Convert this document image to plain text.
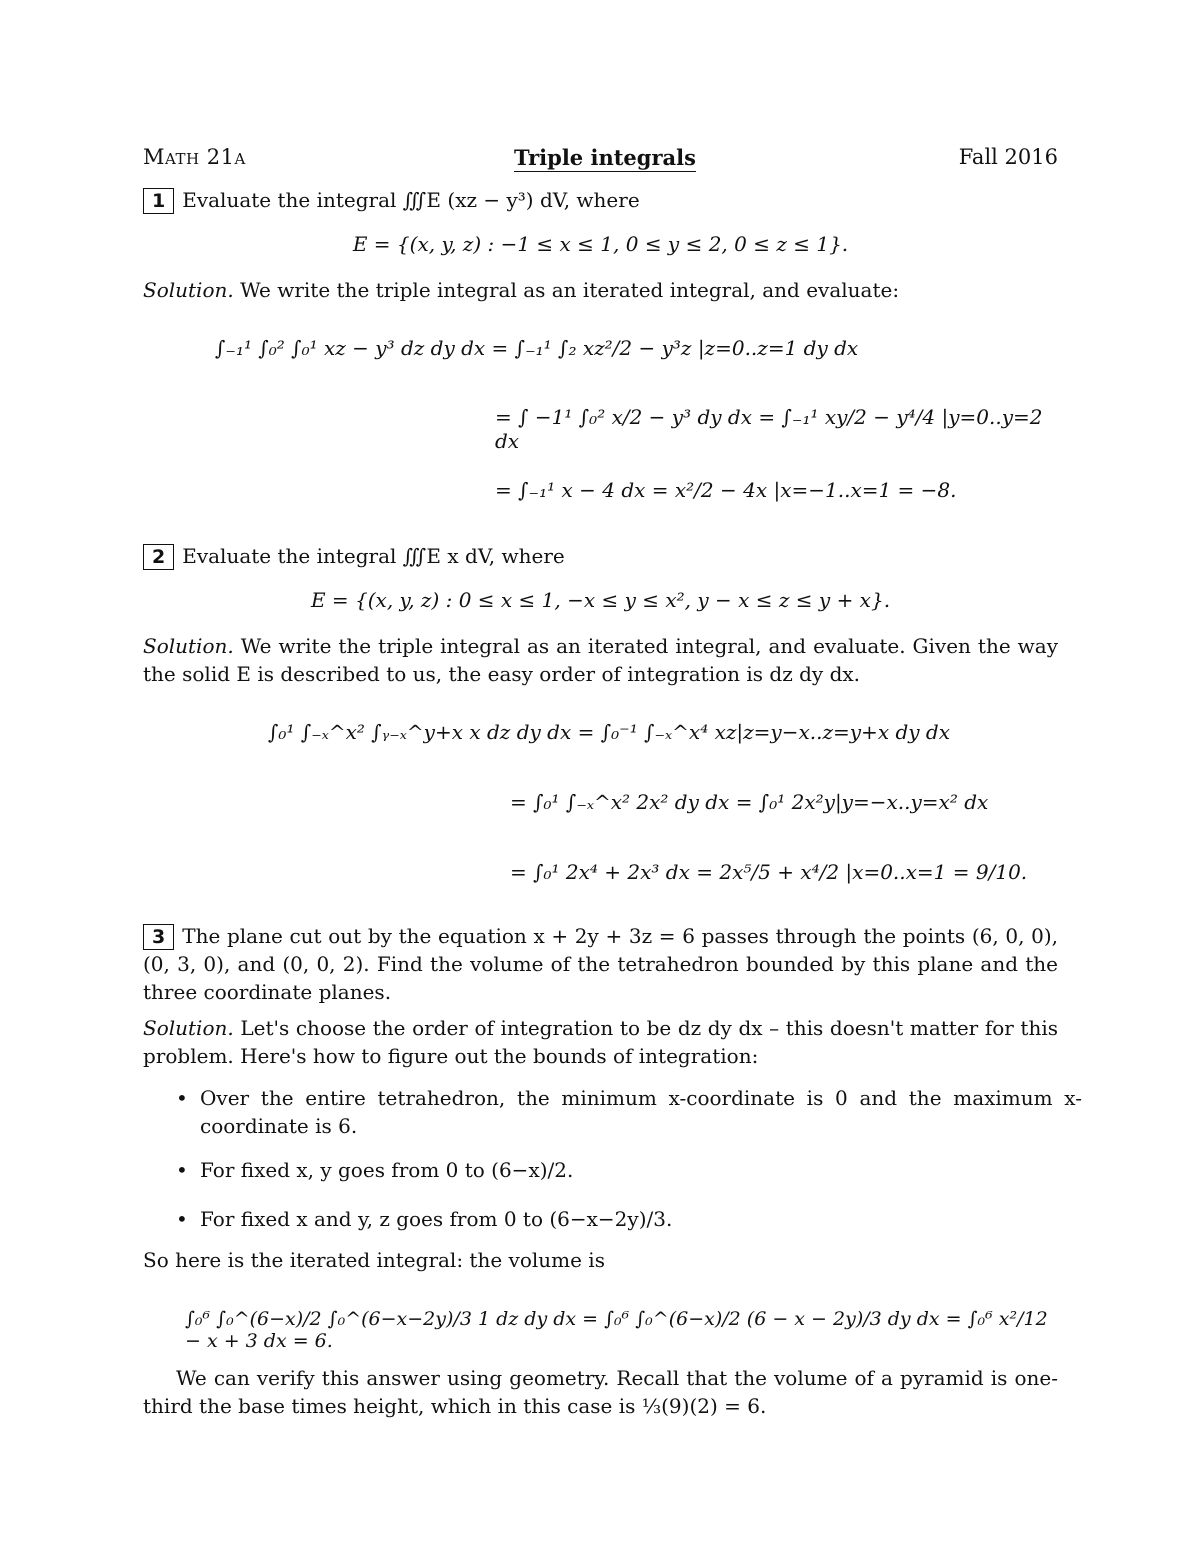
Math 21a	Triple integrals	Fall 2016
1 Evaluate the integral ∭E (xz − y³) dV, where
E = {(x, y, z) : −1 ≤ x ≤ 1, 0 ≤ y ≤ 2, 0 ≤ z ≤ 1}.
Solution. We write the triple integral as an iterated integral, and evaluate:
∫₋₁¹ ∫₀² ∫₀¹ xz − y³ dz dy dx = ∫₋₁¹ ∫₂ xz²/2 − y³z |z=0..z=1 dy dx
= ∫ −1¹ ∫₀² x/2 − y³ dy dx = ∫₋₁¹ xy/2 − y⁴/4 |y=0..y=2 dx
= ∫₋₁¹ x − 4 dx = x²/2 − 4x |x=−1..x=1 = −8.
2 Evaluate the integral ∭E x dV, where
E = {(x, y, z) : 0 ≤ x ≤ 1, −x ≤ y ≤ x², y − x ≤ z ≤ y + x}.
Solution. We write the triple integral as an iterated integral, and evaluate. Given the way the solid E is described to us, the easy order of integration is dz dy dx.
∫₀¹ ∫₋ₓ^x² ∫ᵧ₋ₓ^y+x x dz dy dx = ∫₀⁻¹ ∫₋ₓ^x⁴ xz|z=y−x..z=y+x dy dx
= ∫₀¹ ∫₋ₓ^x² 2x² dy dx = ∫₀¹ 2x²y|y=−x..y=x² dx
= ∫₀¹ 2x⁴ + 2x³ dx = 2x⁵/5 + x⁴/2 |x=0..x=1 = 9/10.
3 The plane cut out by the equation x + 2y + 3z = 6 passes through the points (6, 0, 0), (0, 3, 0), and (0, 0, 2). Find the volume of the tetrahedron bounded by this plane and the three coordinate planes.
Solution. Let's choose the order of integration to be dz dy dx – this doesn't matter for this problem. Here's how to figure out the bounds of integration:
• Over the entire tetrahedron, the minimum x-coordinate is 0 and the maximum x-coordinate is 6.
• For fixed x, y goes from 0 to (6−x)/2.
• For fixed x and y, z goes from 0 to (6−x−2y)/3.
So here is the iterated integral: the volume is
∫₀⁶ ∫₀^(6−x)/2 ∫₀^(6−x−2y)/3 1 dz dy dx = ∫₀⁶ ∫₀^(6−x)/2 (6 − x − 2y)/3 dy dx = ∫₀⁶ x²/12 − x + 3 dx = 6.
We can verify this answer using geometry. Recall that the volume of a pyramid is one-third the base times height, which in this case is ⅓(9)(2) = 6.
